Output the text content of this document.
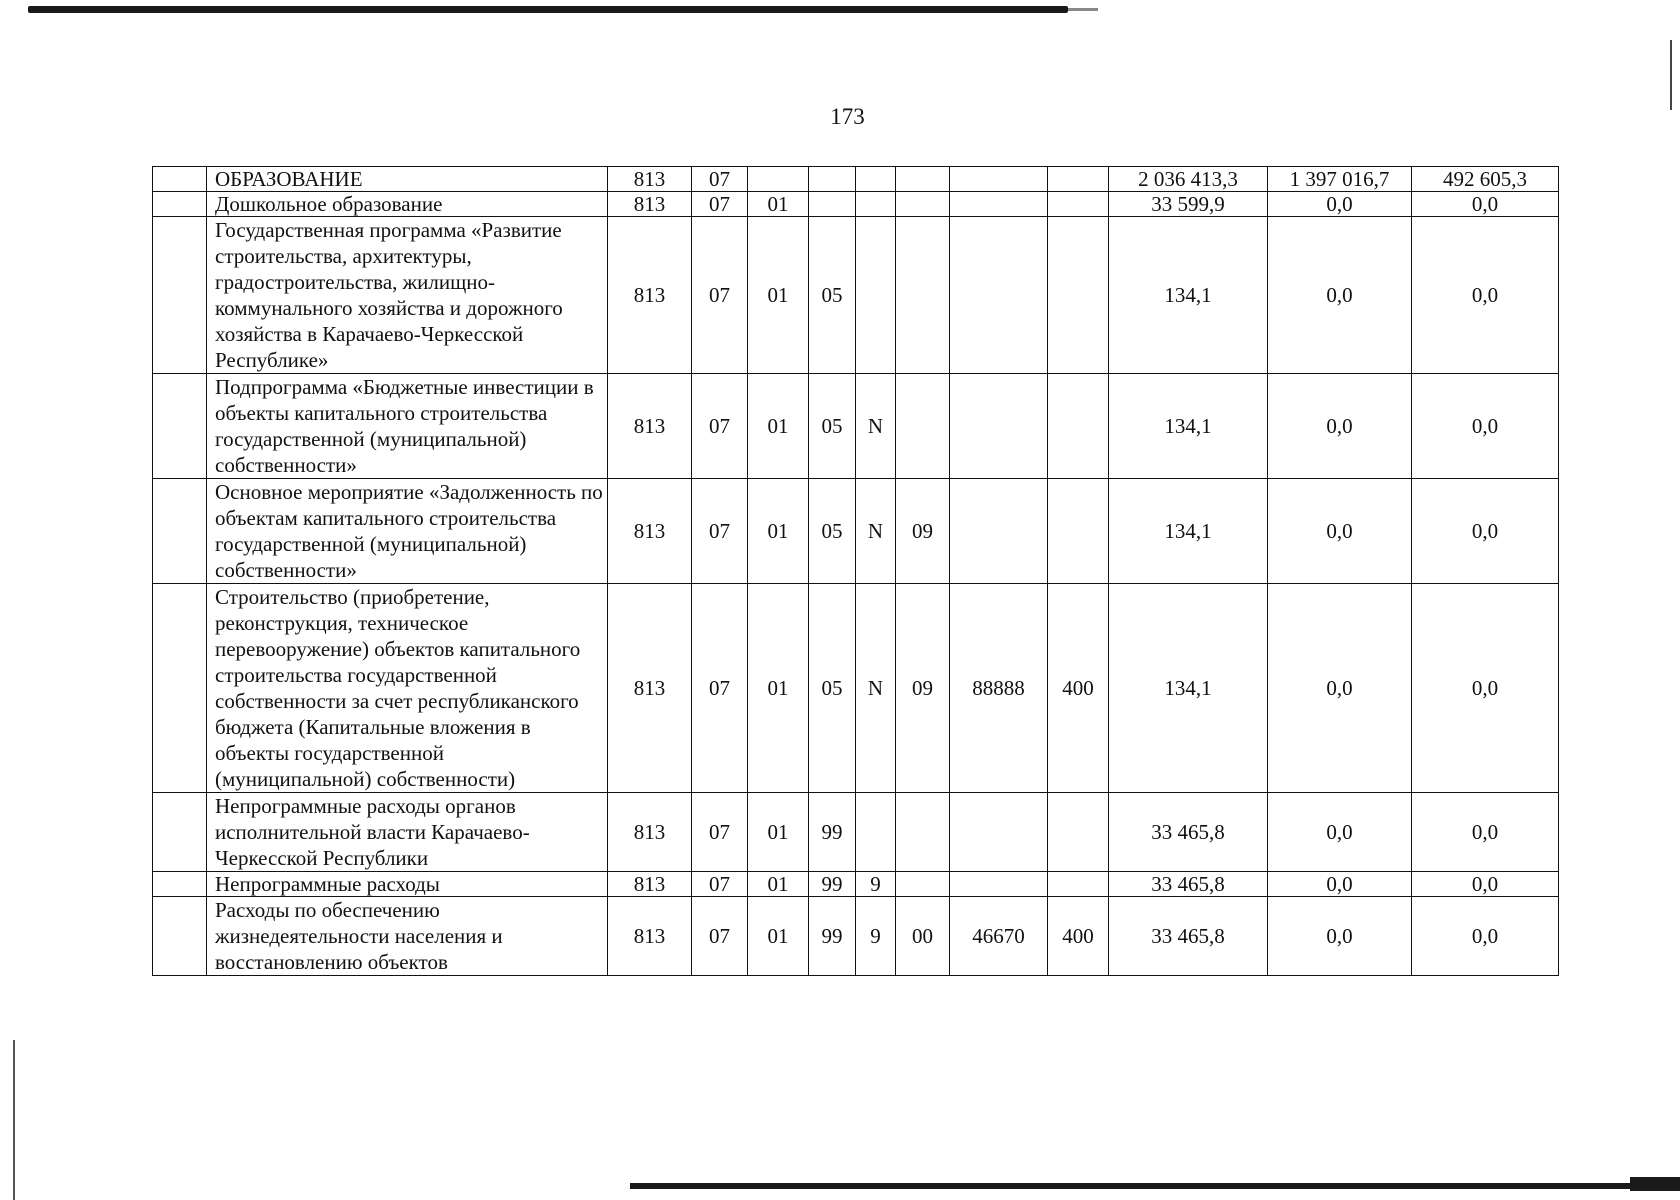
173
	ОБРАЗОВАНИЕ	813	07							2 036 413,3	1 397 016,7	492 605,3
	Дошкольное образование	813	07	01						33 599,9	0,0	0,0
	Государственная программа «Развитие строительства, архитектуры, градостроительства, жилищно-коммунального хозяйства и дорожного хозяйства в Карачаево-Черкесской Республике»	813	07	01	05					134,1	0,0	0,0
	Подпрограмма «Бюджетные инвестиции в объекты капитального строительства государственной (муниципальной) собственности»	813	07	01	05	N				134,1	0,0	0,0
	Основное мероприятие «Задолженность по объектам капитального строительства государственной (муниципальной) собственности»	813	07	01	05	N	09			134,1	0,0	0,0
	Строительство (приобретение, реконструкция, техническое перевооружение) объектов капитального строительства государственной собственности за счет республиканского бюджета (Капитальные вложения в объекты государственной (муниципальной) собственности)	813	07	01	05	N	09	88888	400	134,1	0,0	0,0
	Непрограммные расходы органов исполнительной власти Карачаево-Черкесской Республики	813	07	01	99					33 465,8	0,0	0,0
	Непрограммные расходы	813	07	01	99	9				33 465,8	0,0	0,0
	Расходы по обеспечению жизнедеятельности населения и восстановлению объектов	813	07	01	99	9	00	46670	400	33 465,8	0,0	0,0
